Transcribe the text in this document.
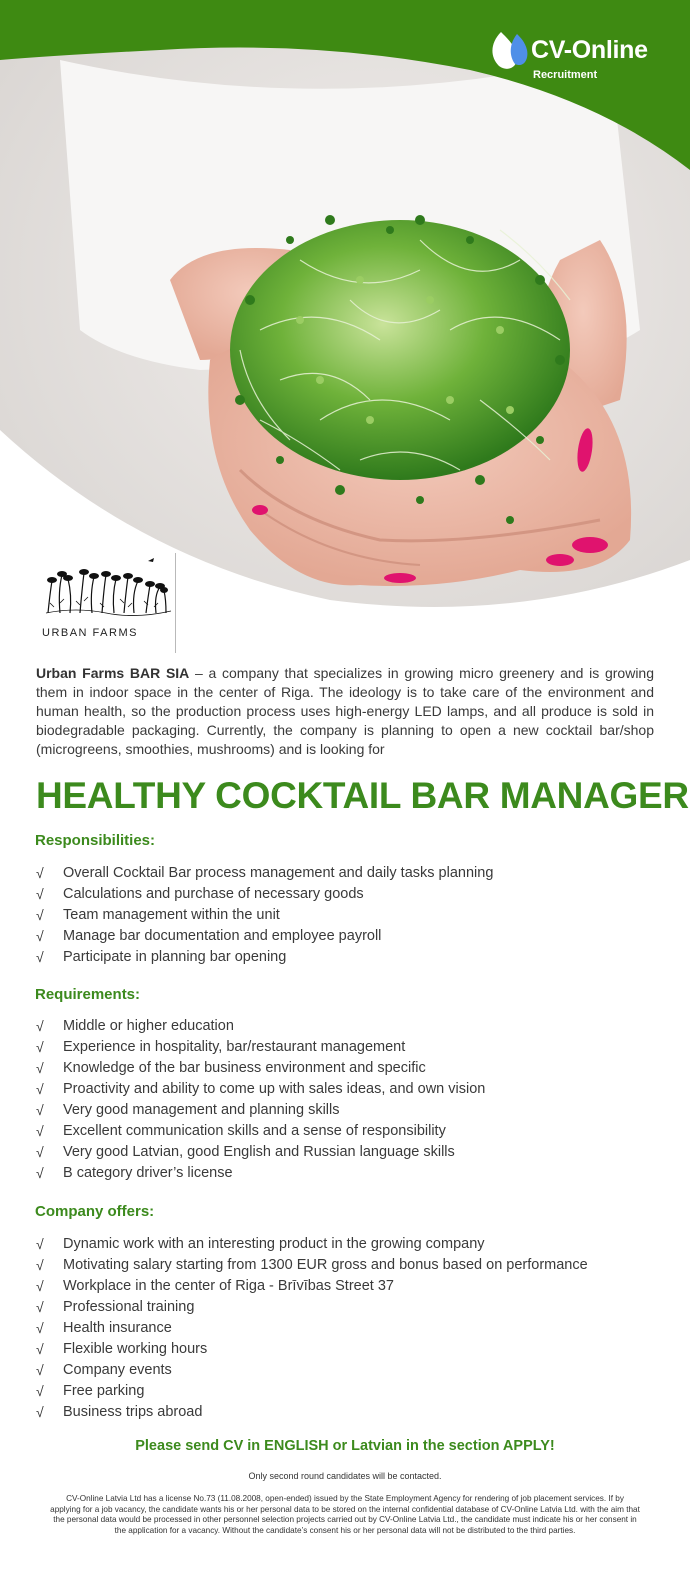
CV-Online
Recruitment
URBAN FARMS
Urban Farms BAR SIA – a company that specializes in growing micro greenery and is growing them in indoor space in the center of Riga. The ideology is to take care of the environment and human health, so the production process uses high-energy LED lamps, and all produce is sold in biodegradable packaging. Currently, the company is planning to open a new cocktail bar/shop (microgreens, smoothies, mushrooms) and is looking for
HEALTHY COCKTAIL BAR MANAGER
Responsibilities:
√ Overall Cocktail Bar process management and daily tasks planning
√ Calculations and purchase of necessary goods
√ Team management within the unit
√ Manage bar documentation and employee payroll
√ Participate in planning bar opening
Requirements:
√ Middle or higher education
√ Experience in hospitality, bar/restaurant management
√ Knowledge of the bar business environment and specific
√ Proactivity and ability to come up with sales ideas, and own vision
√ Very good management and planning skills
√ Excellent communication skills and a sense of responsibility
√ Very good Latvian, good English and Russian language skills
√ B category driver’s license
Company offers:
√ Dynamic work with an interesting product in the growing company
√ Motivating salary starting from 1300 EUR gross and bonus based on performance
√ Workplace in the center of Riga - Brīvības Street 37
√ Professional training
√ Health insurance
√ Flexible working hours
√ Company events
√ Free parking
√ Business trips abroad
Please send CV in ENGLISH or Latvian in the section APPLY!
Only second round candidates will be contacted.
CV-Online Latvia Ltd has a license No.73 (11.08.2008, open-ended) issued by the State Employment Agency for rendering of job placement services. If by applying for a job vacancy, the candidate wants his or her personal data to be stored on the internal confidential database of CV-Online Latvia Ltd. with the aim that the personal data would be processed in other personnel selection projects carried out by CV-Online Latvia Ltd., the candidate must indicate his or her consent in the application for a vacancy. Without the candidate’s consent his or her personal data will not be distributed to the third parties.
